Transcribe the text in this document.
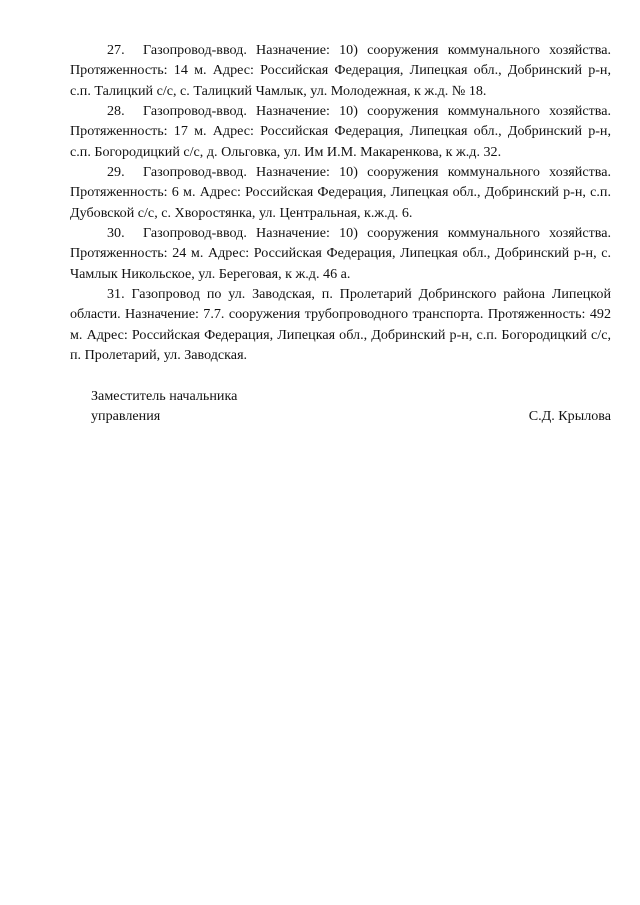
27.  Газопровод-ввод. Назначение: 10) сооружения коммунального хозяйства. Протяженность: 14 м. Адрес: Российская Федерация, Липецкая обл., Добринский р-н, с.п. Талицкий с/с, с. Талицкий Чамлык, ул. Молодежная, к ж.д. № 18.

28.  Газопровод-ввод. Назначение: 10) сооружения коммунального хозяйства. Протяженность: 17 м. Адрес: Российская Федерация, Липецкая обл., Добринский р-н, с.п. Богородицкий с/с, д. Ольговка, ул. Им И.М. Макаренкова, к ж.д. 32.

29.  Газопровод-ввод. Назначение: 10) сооружения коммунального хозяйства. Протяженность: 6 м. Адрес: Российская Федерация, Липецкая обл., Добринский р-н, с.п. Дубовской с/с, с. Хворостянка, ул. Центральная, к.ж.д. 6.

30.  Газопровод-ввод. Назначение: 10) сооружения коммунального хозяйства. Протяженность: 24 м. Адрес: Российская Федерация, Липецкая обл., Добринский р-н, с. Чамлык Никольское, ул. Береговая, к ж.д. 46 а.

31. Газопровод по ул. Заводская, п. Пролетарий Добринского района Липецкой области. Назначение: 7.7. сооружения трубопроводного транспорта. Протяженность: 492 м. Адрес: Российская Федерация, Липецкая обл., Добринский р-н, с.п. Богородицкий с/с, п. Пролетарий, ул. Заводская.

Заместитель начальника
управления	С.Д. Крылова
